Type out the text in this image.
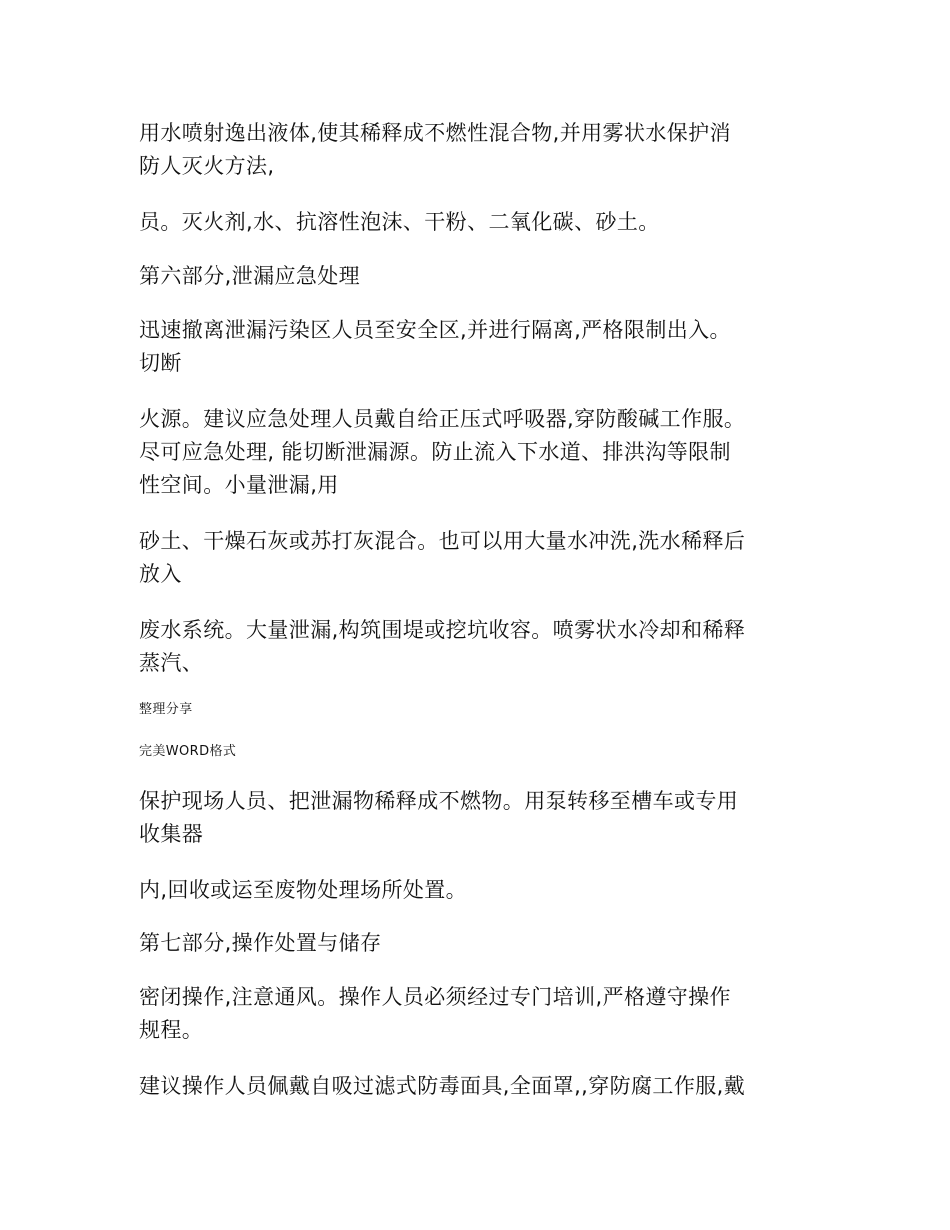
用水喷射逸出液体,使其稀释成不燃性混合物,并用雾状水保护消
防人灭火方法,

员。灭火剂,水、抗溶性泡沫、干粉、二氧化碳、砂土。

第六部分,泄漏应急处理

迅速撤离泄漏污染区人员至安全区,并进行隔离,严格限制出入。
切断

火源。建议应急处理人员戴自给正压式呼吸器,穿防酸碱工作服。
尽可应急处理, 能切断泄漏源。防止流入下水道、排洪沟等限制
性空间。小量泄漏,用

砂土、干燥石灰或苏打灰混合。也可以用大量水冲洗,洗水稀释后
放入

废水系统。大量泄漏,构筑围堤或挖坑收容。喷雾状水冷却和稀释
蒸汽、

整理分享

完美WORD格式

保护现场人员、把泄漏物稀释成不燃物。用泵转移至槽车或专用
收集器

内,回收或运至废物处理场所处置。

第七部分,操作处置与储存

密闭操作,注意通风。操作人员必须经过专门培训,严格遵守操作
规程。

建议操作人员佩戴自吸过滤式防毒面具,全面罩,,穿防腐工作服,戴
